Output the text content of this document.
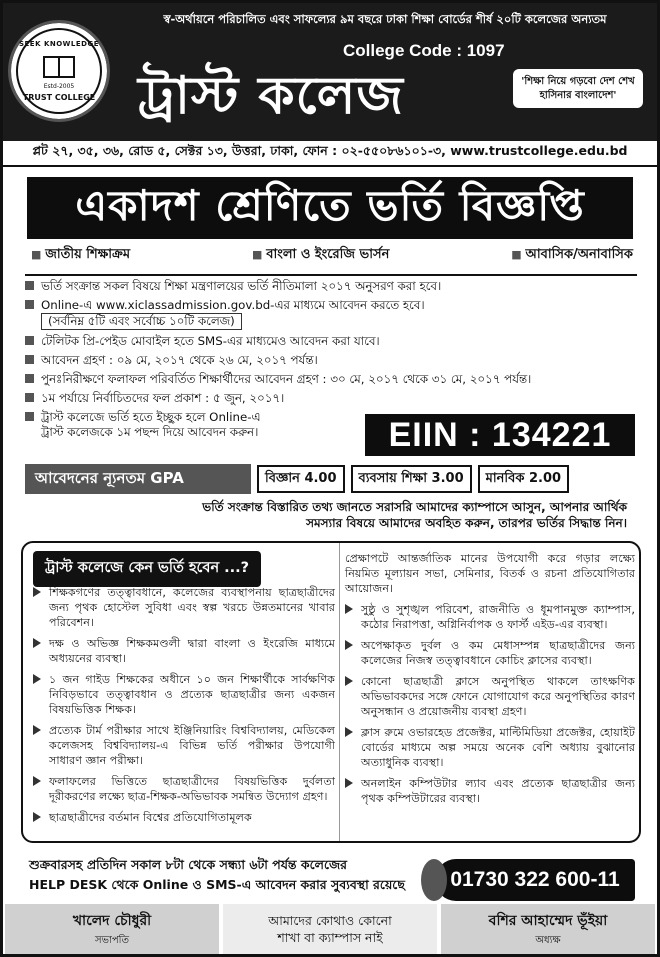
স্ব-অর্থায়নে পরিচালিত এবং সাফল্যের ৯ম বছরে ঢাকা শিক্ষা বোর্ডের শীর্ষ ২০টি কলেজের অন্যতম
SEEK KNOWLEDGE
Estd-2005
TRUST COLLEGE
College Code : 1097
ট্রাস্ট কলেজ	'শিক্ষা নিয়ে গড়বো দেশ শেখ হাসিনার বাংলাদেশ'
প্লট ২৭, ৩৫, ৩৬, রোড ৫, সেক্টর ১৩, উত্তরা, ঢাকা, ফোন : ০২-৫৫০৮৬১০১-৩, www.trustcollege.edu.bd
একাদশ শ্রেণিতে ভর্তি বিজ্ঞপ্তি
■ জাতীয় শিক্ষাক্রম	■ বাংলা ও ইংরেজি ভার্সন	■ আবাসিক/অনাবাসিক
ভর্তি সংক্রান্ত সকল বিষয়ে শিক্ষা মন্ত্রণালয়ের ভর্তি নীতিমালা ২০১৭ অনুসরণ করা হবে।
Online-এ www.xiclassadmission.gov.bd-এর মাধ্যমে আবেদন করতে হবে।
(সর্বনিম্ন ৫টি এবং সর্বোচ্চ ১০টি কলেজ)
টেলিটক প্রি-পেইড মোবাইল হতে SMS-এর মাধ্যমেও আবেদন করা যাবে।
আবেদন গ্রহণ : ০৯ মে, ২০১৭ থেকে ২৬ মে, ২০১৭ পর্যন্ত।
পুনঃনিরীক্ষণে ফলাফল পরিবর্তিত শিক্ষার্থীদের আবেদন গ্রহণ : ৩০ মে, ২০১৭ থেকে ৩১ মে, ২০১৭ পর্যন্ত।
১ম পর্যায়ে নির্বাচিতদের ফল প্রকাশ : ৫ জুন, ২০১৭।
ট্রাস্ট কলেজে ভর্তি হতে ইচ্ছুক হলে Online-এ
ট্রাস্ট কলেজকে ১ম পছন্দ দিয়ে আবেদন করুন।	EIIN : 134221
আবেদনের ন্যূনতম GPA	বিজ্ঞান 4.00	ব্যবসায় শিক্ষা 3.00	মানবিক 2.00
ভর্তি সংক্রান্ত বিস্তারিত তথ্য জানতে সরাসরি আমাদের ক্যাম্পাসে আসুন, আপনার আর্থিক
সমস্যার বিষয়ে আমাদের অবহিত করুন, তারপর ভর্তির সিদ্ধান্ত নিন।
ট্রাস্ট কলেজে কেন ভর্তি হবেন ...?
শিক্ষকগণের তত্ত্বাবধানে, কলেজের ব্যবস্থাপনায় ছাত্রছাত্রীদের জন্য পৃথক হোস্টেল সুবিধা এবং স্বল্প খরচে উন্নতমানের খাবার পরিবেশন।
দক্ষ ও অভিজ্ঞ শিক্ষকমণ্ডলী দ্বারা বাংলা ও ইংরেজি মাধ্যমে অধ্যয়নের ব্যবস্থা।
১ জন গাইড শিক্ষকের অধীনে ১০ জন শিক্ষার্থীকে সার্বক্ষণিক নিবিড়ভাবে তত্ত্বাবধান ও প্রত্যেক ছাত্রছাত্রীর জন্য একজন বিষয়ভিত্তিক শিক্ষক।
প্রত্যেক টার্ম পরীক্ষার সাথে ইঞ্জিনিয়ারিং বিশ্ববিদ্যালয়, মেডিকেল কলেজসহ বিশ্ববিদ্যালয়-এ বিভিন্ন ভর্তি পরীক্ষার উপযোগী সাধারণ জ্ঞান পরীক্ষা।
ফলাফলের ভিত্তিতে ছাত্রছাত্রীদের বিষয়ভিত্তিক দুর্বলতা দূরীকরণের লক্ষ্যে ছাত্র-শিক্ষক-অভিভাবক সমন্বিত উদ্যোগ গ্রহণ।
ছাত্রছাত্রীদের বর্তমান বিশ্বের প্রতিযোগিতামূলক
প্রেক্ষাপটে আন্তর্জাতিক মানের উপযোগী করে গড়ার লক্ষ্যে নিয়মিত মূল্যায়ন সভা, সেমিনার, বিতর্ক ও রচনা প্রতিযোগিতার আয়োজন।
সুষ্ঠু ও সুশৃঙ্খল পরিবেশ, রাজনীতি ও ধূমপানমুক্ত ক্যাম্পাস, কঠোর নিরাপত্তা, অগ্নিনির্বাপক ও ফার্স্ট এইড-এর ব্যবস্থা।
অপেক্ষাকৃত দুর্বল ও কম মেধাসম্পন্ন ছাত্রছাত্রীদের জন্য কলেজের নিজস্ব তত্ত্বাবধানে কোচিং ক্লাসের ব্যবস্থা।
কোনো ছাত্রছাত্রী ক্লাসে অনুপস্থিত থাকলে তাৎক্ষণিক অভিভাবকদের সঙ্গে ফোনে যোগাযোগ করে অনুপস্থিতির কারণ অনুসন্ধান ও প্রয়োজনীয় ব্যবস্থা গ্রহণ।
ক্লাস রুমে ওভারহেড প্রজেক্টর, মাল্টিমিডিয়া প্রজেক্টর, হোয়াইট বোর্ডের মাধ্যমে অল্প সময়ে অনেক বেশি অধ্যায় বুঝানোর অত্যাধুনিক ব্যবস্থা।
অনলাইন কম্পিউটার ল্যাব এবং প্রত্যেক ছাত্রছাত্রীর জন্য পৃথক কম্পিউটারের ব্যবস্থা।
শুক্রবারসহ প্রতিদিন সকাল ৮টা থেকে সন্ধ্যা ৬টা পর্যন্ত কলেজের
HELP DESK থেকে Online ও SMS-এ আবেদন করার সুব্যবস্থা রয়েছে 01730 322 600-11
খালেদ চৌধুরী
সভাপতি
আমাদের কোথাও কোনো
শাখা বা ক্যাম্পাস নাই
বশির আহাম্মেদ ভূঁইয়া
অধ্যক্ষ
